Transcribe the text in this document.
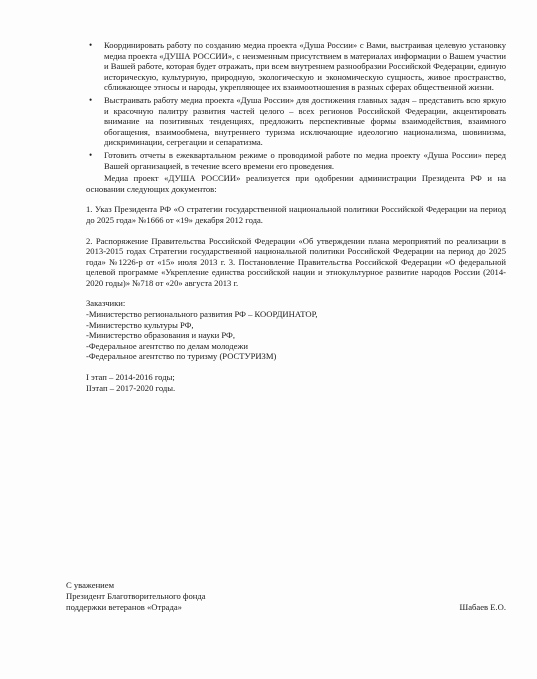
• Координировать работу по созданию медиа проекта «Душа России» с Вами, выстраивая целевую установку медиа проекта «ДУША РОССИИ», с неизменным присутствием в материалах информации о Вашем участии и Вашей работе, которая будет отражать, при всем внутреннем разнообразии Российской Федерации, единую историческую, культурную, природную, экологическую и экономическую сущность, живое пространство, сближающее этносы и народы, укрепляющее их взаимоотношения в разных сферах общественной жизни.
• Выстраивать работу медиа проекта «Душа России» для достижения главных задач – представить всю яркую и красочную палитру развития частей целого – всех регионов Российской Федерации, акцентировать внимание на позитивных тенденциях, предложить перспективные формы взаимодействия, взаимного обогащения, взаимообмена, внутреннего туризма исключающие идеологию национализма, шовинизма, дискриминации, сегрегации и сепаратизма.
• Готовить отчеты в ежеквартальном режиме о проводимой работе по медиа проекту «Душа России» перед Вашей организацией, в течение всего времени его проведения.

Медиа проект «ДУША РОССИИ» реализуется при одобрении администрации Президента РФ и на основании следующих документов:

1. Указ Президента РФ «О стратегии государственной национальной политики Российской Федерации на период до 2025 года» №1666 от «19» декабря 2012 года.

2. Распоряжение Правительства Российской Федерации «Об утверждении плана мероприятий по реализации в 2013-2015 годах Стратегии государственной национальной политики Российской Федерации на период до 2025 года» №1226-р от «15» июля 2013 г. 3. Постановление Правительства Российской Федерации «О федеральной целевой программе «Укрепление единства российской нации и этнокультурное развитие народов России (2014-2020 годы)» №718 от «20» августа 2013 г.

Заказчики:
-Министерство регионального развития РФ – КООРДИНАТОР,
-Министерство культуры РФ,
-Министерство образования и науки РФ,
-Федеральное агентство по делам молодежи
-Федеральное агентство по туризму (РОСТУРИЗМ)
I этап – 2014-2016 годы;
IIэтап – 2017-2020 годы.
С уважением
Президент Благотворительного фонда
поддержки ветеранов «Отрада»	Шабаев Е.О.
